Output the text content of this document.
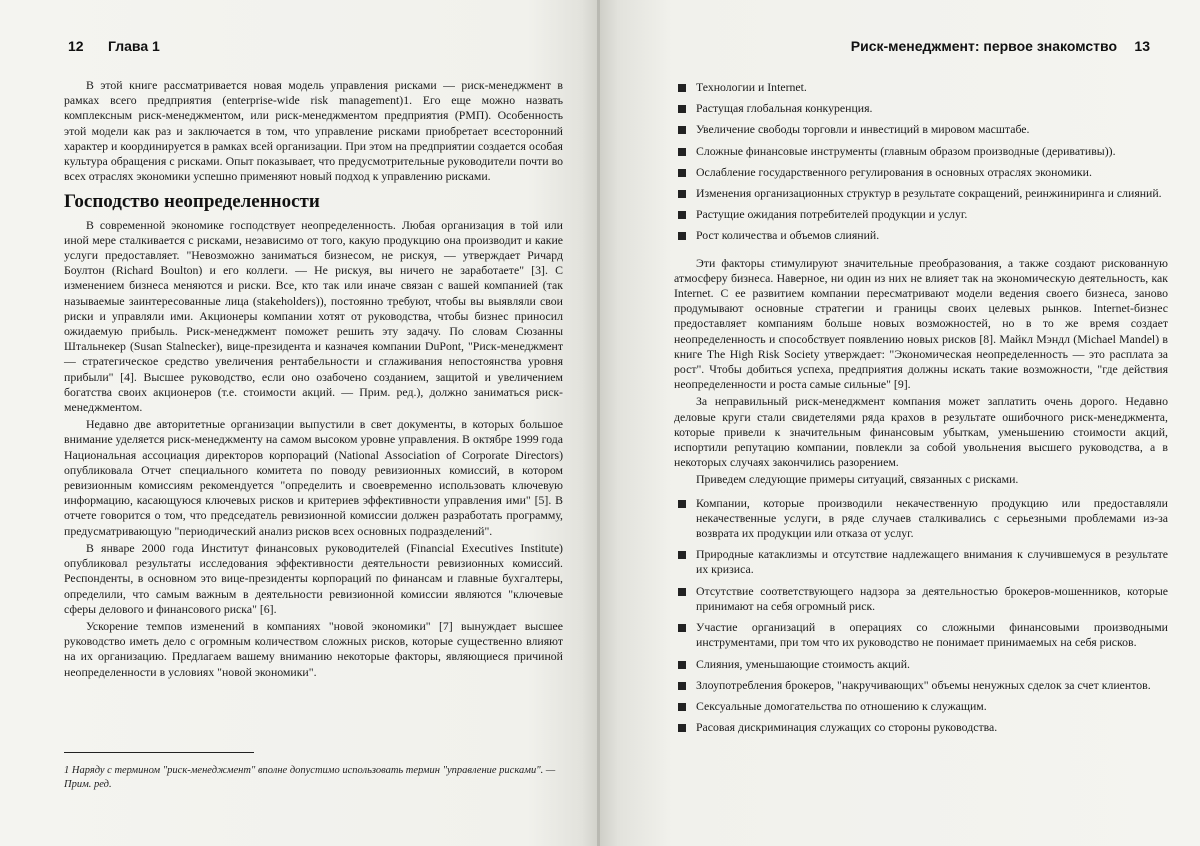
12 Глава 1

В этой книге рассматривается новая модель управления рисками — риск-менеджмент в рамках всего предприятия (enterprise-wide risk management)1. Его еще можно назвать комплексным риск-менеджментом, или риск-менеджментом предприятия (РМП). Особенность этой модели как раз и заключается в том, что управление рисками приобретает всесторонний характер и координируется в рамках всей организации. При этом на предприятии создается особая культура обращения с рисками. Опыт показывает, что предусмотрительные руководители почти во всех отраслях экономики успешно применяют новый подход к управлению рисками.

Господство неопределенности

В современной экономике господствует неопределенность. Любая организация в той или иной мере сталкивается с рисками, независимо от того, какую продукцию она производит и какие услуги предоставляет. "Невозможно заниматься бизнесом, не рискуя, — утверждает Ричард Боултон (Richard Boulton) и его коллеги. — Не рискуя, вы ничего не заработаете" [3]. С изменением бизнеса меняются и риски. Все, кто так или иначе связан с вашей компанией (так называемые заинтересованные лица (stakeholders)), постоянно требуют, чтобы вы выявляли свои риски и управляли ими. Акционеры компании хотят от руководства, чтобы бизнес приносил ожидаемую прибыль. Риск-менеджмент поможет решить эту задачу. По словам Сюзанны Штальнекер (Susan Stalnecker), вице-президента и казначея компании DuPont, "Риск-менеджмент — стратегическое средство увеличения рентабельности и сглаживания непостоянства уровня прибыли" [4]. Высшее руководство, если оно озабочено созданием, защитой и увеличением богатства своих акционеров (т.е. стоимости акций. — Прим. ред.), должно заниматься риск-менеджментом.

Недавно две авторитетные организации выпустили в свет документы, в которых большое внимание уделяется риск-менеджменту на самом высоком уровне управления. В октябре 1999 года Национальная ассоциация директоров корпораций (National Association of Corporate Directors) опубликовала Отчет специального комитета по поводу ревизионных комиссий, в котором ревизионным комиссиям рекомендуется "определить и своевременно использовать ключевую информацию, касающуюся ключевых рисков и критериев эффективности управления ими" [5]. В отчете говорится о том, что председатель ревизионной комиссии должен разработать программу, предусматривающую "периодический анализ рисков всех основных подразделений".

В январе 2000 года Институт финансовых руководителей (Financial Executives Institute) опубликовал результаты исследования эффективности деятельности ревизионных комиссий. Респонденты, в основном это вице-президенты корпораций по финансам и главные бухгалтеры, определили, что самым важным в деятельности ревизионной комиссии являются "ключевые сферы делового и финансового риска" [6].

Ускорение темпов изменений в компаниях "новой экономики" [7] вынуждает высшее руководство иметь дело с огромным количеством сложных рисков, которые существенно влияют на их организацию. Предлагаем вашему вниманию некоторые факторы, являющиеся причиной неопределенности в условиях "новой экономики".

1 Наряду с термином "риск-менеджмент" вполне допустимо использовать термин "управление рисками". — Прим. ред.
Риск-менеджмент: первое знакомство 13
Технологии и Internet.
Растущая глобальная конкуренция.
Увеличение свободы торговли и инвестиций в мировом масштабе.
Сложные финансовые инструменты (главным образом производные (деривативы)).
Ослабление государственного регулирования в основных отраслях экономики.
Изменения организационных структур в результате сокращений, реинжиниринга и слияний.
Растущие ожидания потребителей продукции и услуг.
Рост количества и объемов слияний.

Эти факторы стимулируют значительные преобразования, а также создают рискованную атмосферу бизнеса. Наверное, ни один из них не влияет так на экономическую деятельность, как Internet. С ее развитием компании пересматривают модели ведения своего бизнеса, заново продумывают основные стратегии и границы своих целевых рынков. Internet-бизнес предоставляет компаниям больше новых возможностей, но в то же время создает неопределенность и способствует появлению новых рисков [8]. Майкл Мэндл (Michael Mandel) в книге The High Risk Society утверждает: "Экономическая неопределенность — это расплата за рост". Чтобы добиться успеха, предприятия должны искать такие возможности, "где действия неопределенности и роста самые сильные" [9].

За неправильный риск-менеджмент компания может заплатить очень дорого. Недавно деловые круги стали свидетелями ряда крахов в результате ошибочного риск-менеджмента, которые привели к значительным финансовым убыткам, уменьшению стоимости акций, испортили репутацию компании, повлекли за собой увольнения высшего руководства, а в некоторых случаях закончились разорением.

Приведем следующие примеры ситуаций, связанных с рисками.

Компании, которые производили некачественную продукцию или предоставляли некачественные услуги, в ряде случаев сталкивались с серьезными проблемами из-за возврата их продукции или отказа от услуг.
Природные катаклизмы и отсутствие надлежащего внимания к случившемуся в результате их кризиса.
Отсутствие соответствующего надзора за деятельностью брокеров-мошенников, которые принимают на себя огромный риск.
Участие организаций в операциях со сложными финансовыми производными инструментами, при том что их руководство не понимает принимаемых на себя рисков.
Слияния, уменьшающие стоимость акций.
Злоупотребления брокеров, "накручивающих" объемы ненужных сделок за счет клиентов.
Сексуальные домогательства по отношению к служащим.
Расовая дискриминация служащих со стороны руководства.
